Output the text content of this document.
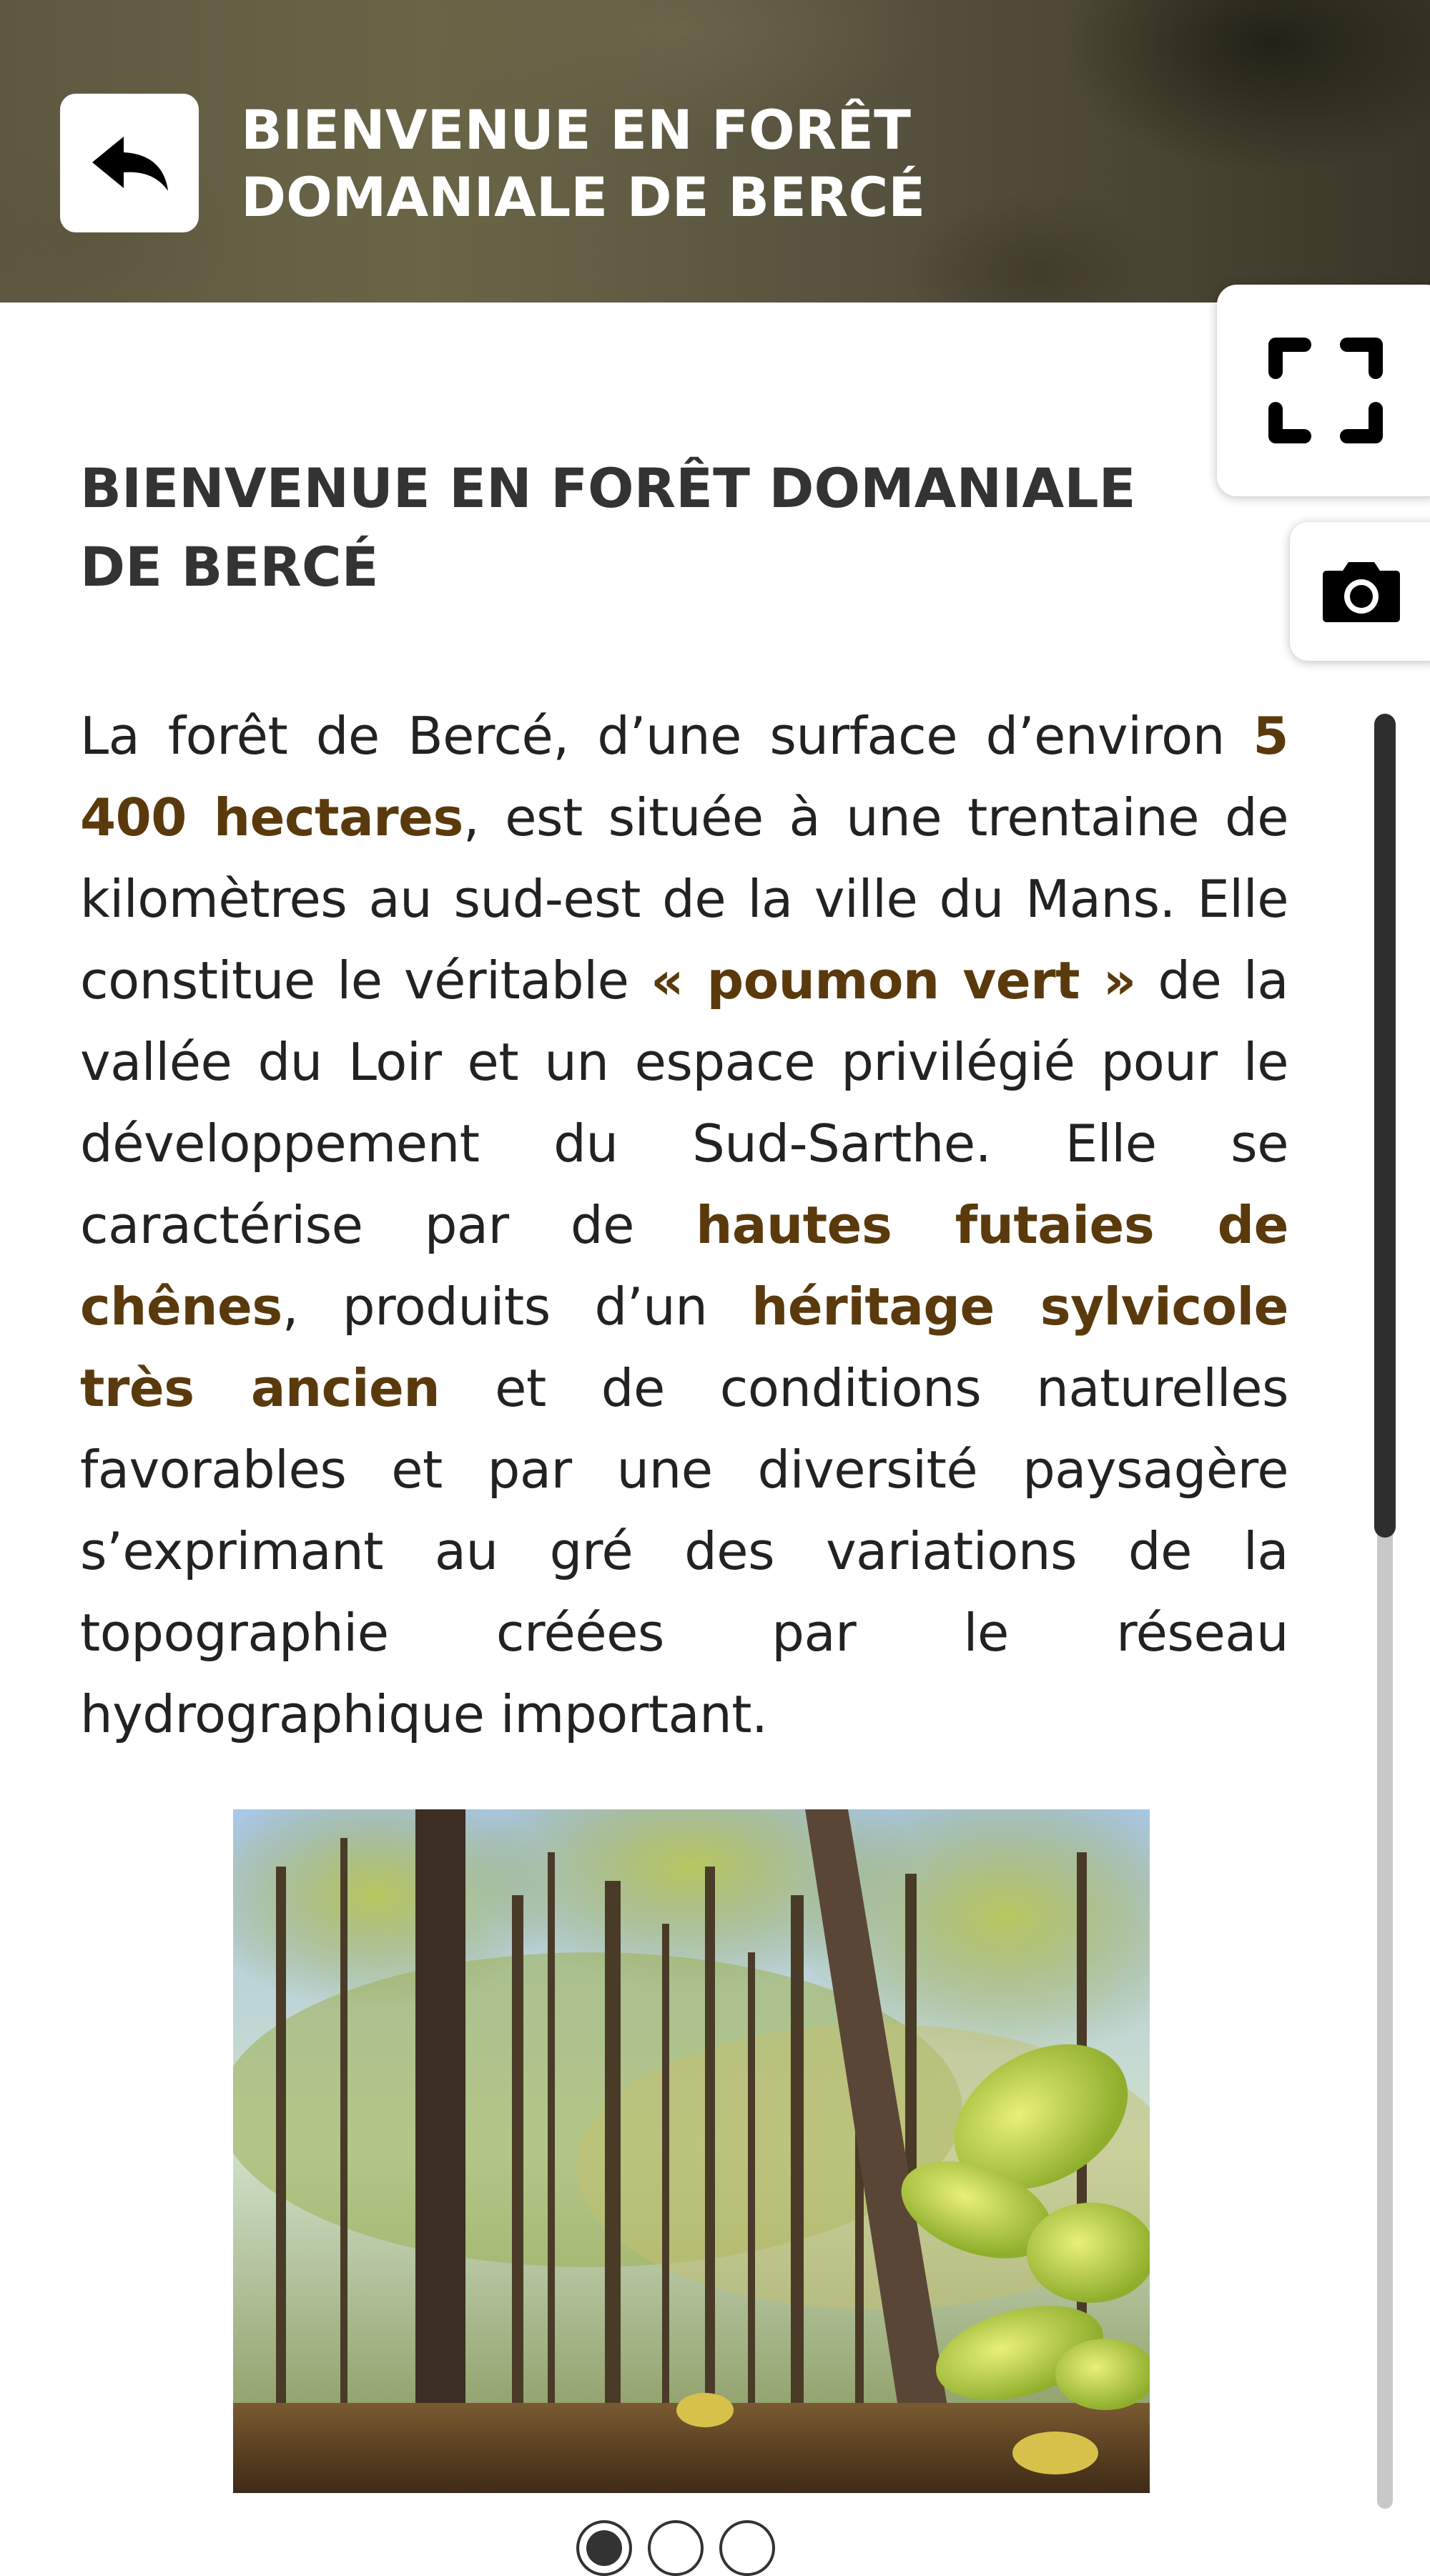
BIENVENUE EN FORÊT DOMANIALE DE BERCÉ
BIENVENUE EN FORÊT DOMANIALE DE BERCÉ
La forêt de Bercé, d’une surface d’environ 5 400 hectares, est située à une trentaine de kilomètres au sud-est de la ville du Mans. Elle constitue le véritable « poumon vert » de la vallée du Loir et un espace privilégié pour le développement du Sud-Sarthe. Elle se caractérise par de hautes futaies de chênes, produits d’un héritage sylvicole très ancien et de conditions naturelles favorables et par une diversité paysagère s’exprimant au gré des variations de la topographie créées par le réseau hydrographique important.
